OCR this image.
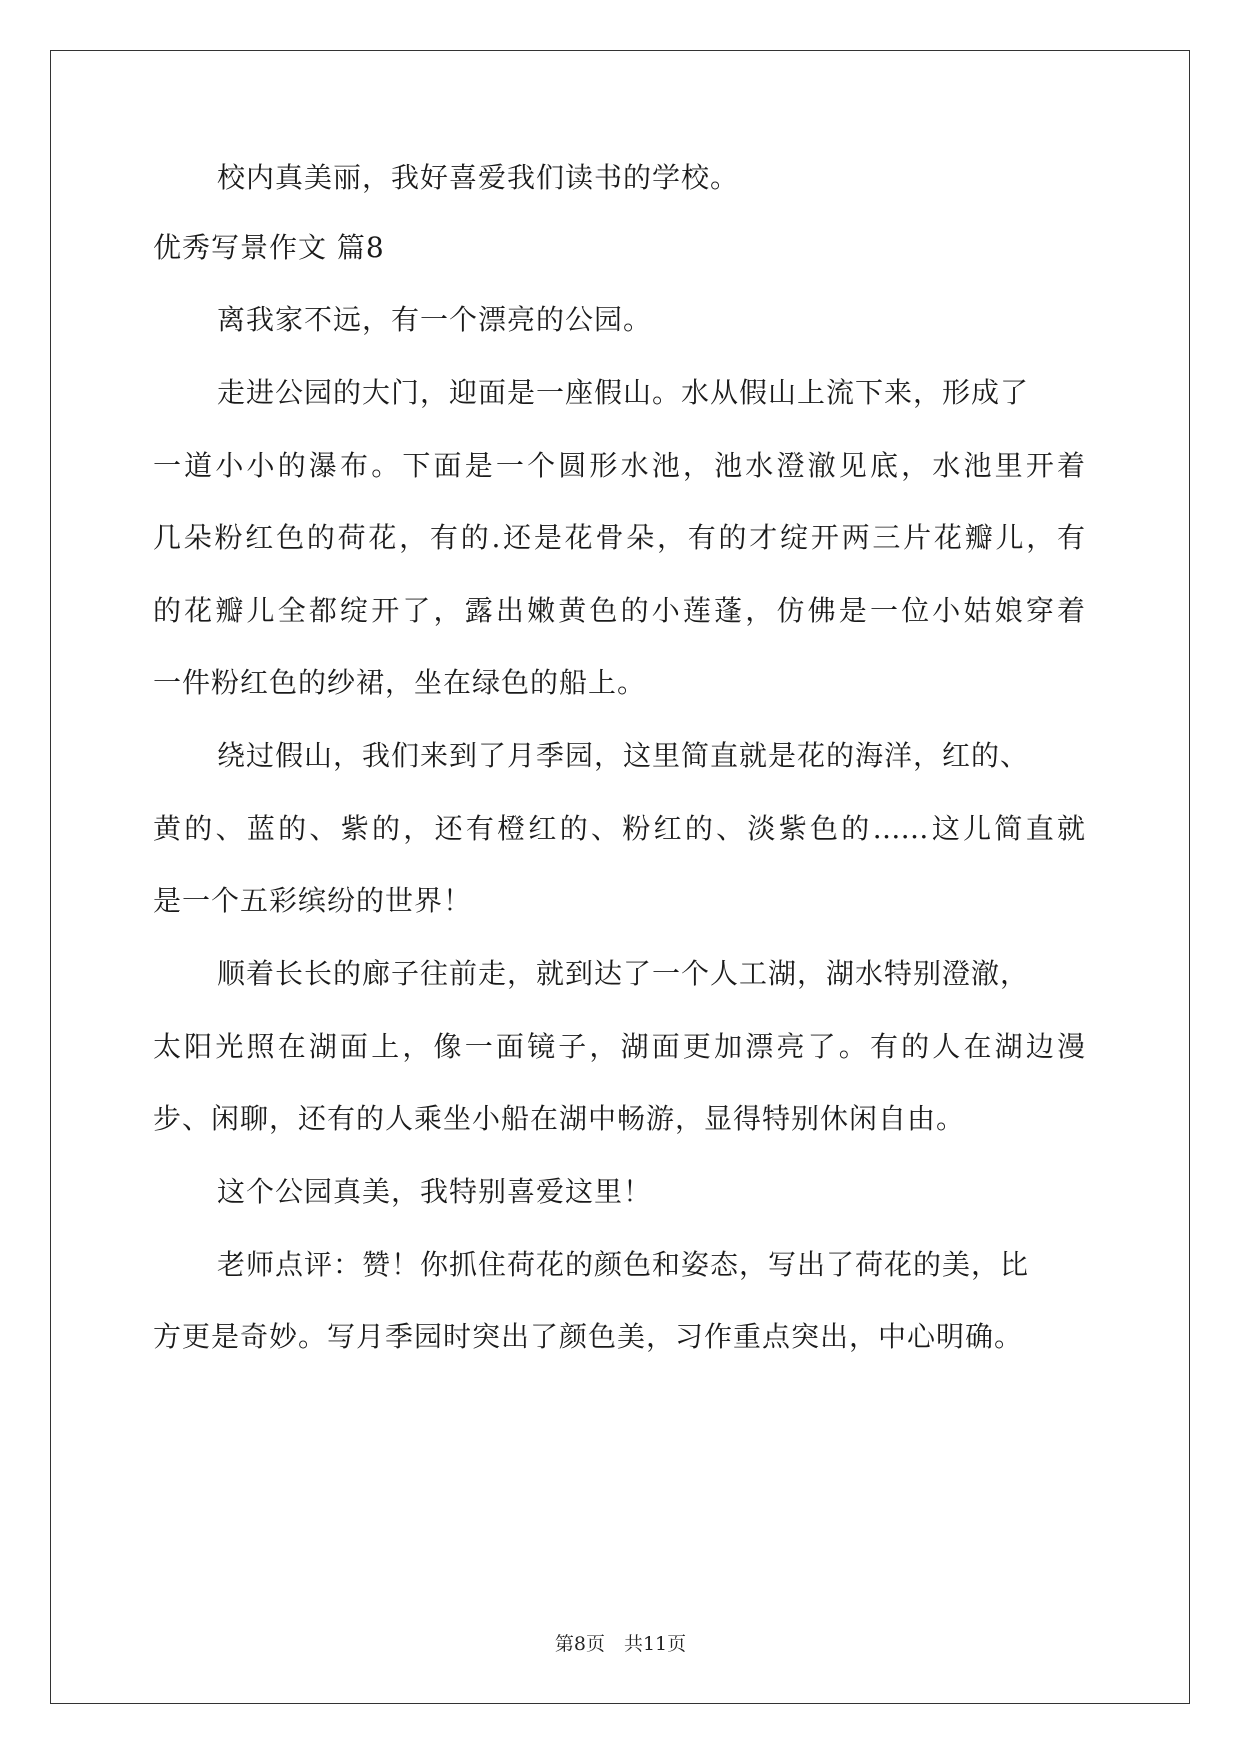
校内真美丽，我好喜爱我们读书的学校。
优秀写景作文 篇8
离我家不远，有一个漂亮的公园。
走进公园的大门，迎面是一座假山。水从假山上流下来，形成了
一道小小的瀑布。下面是一个圆形水池，池水澄澈见底，水池里开着
几朵粉红色的荷花，有的.还是花骨朵，有的才绽开两三片花瓣儿，有
的花瓣儿全都绽开了，露出嫩黄色的小莲蓬，仿佛是一位小姑娘穿着
一件粉红色的纱裙，坐在绿色的船上。
绕过假山，我们来到了月季园，这里简直就是花的海洋，红的、
黄的、蓝的、紫的，还有橙红的、粉红的、淡紫色的……这儿简直就
是一个五彩缤纷的世界！
顺着长长的廊子往前走，就到达了一个人工湖，湖水特别澄澈，
太阳光照在湖面上，像一面镜子，湖面更加漂亮了。有的人在湖边漫
步、闲聊，还有的人乘坐小船在湖中畅游，显得特别休闲自由。
这个公园真美，我特别喜爱这里！
老师点评：赞！你抓住荷花的颜色和姿态，写出了荷花的美，比
方更是奇妙。写月季园时突出了颜色美，习作重点突出，中心明确。
第8页　共11页
